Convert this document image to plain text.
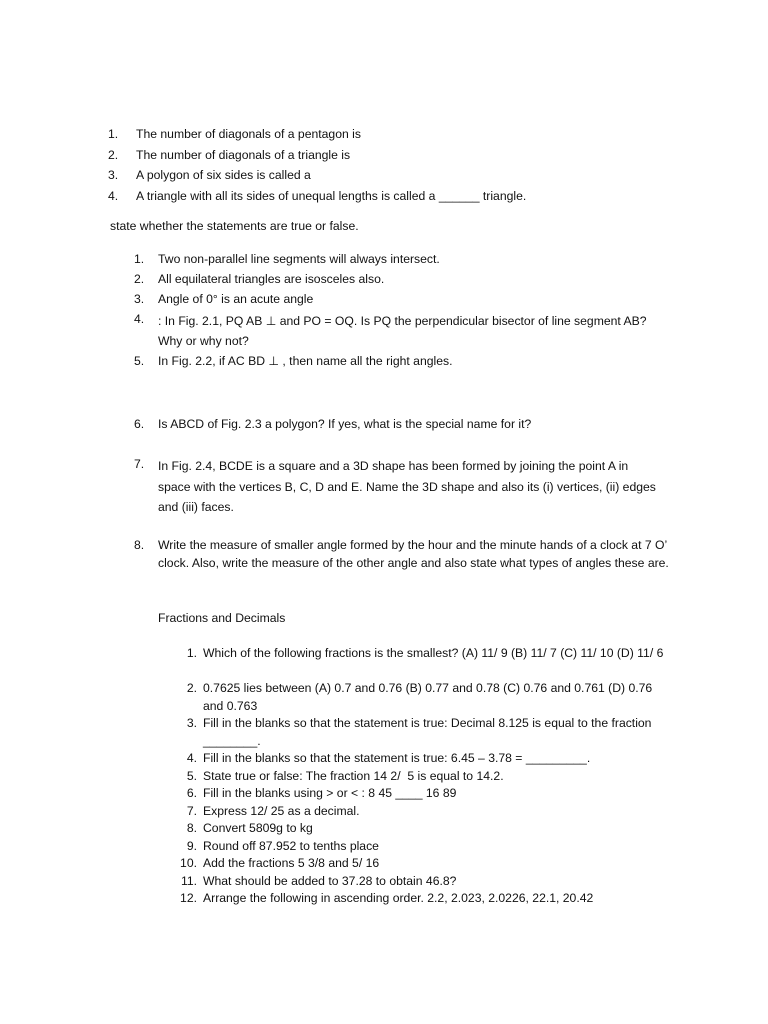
1.	The number of diagonals of a pentagon is
2.	The number of diagonals of a triangle is
3.	A polygon of six sides is called a
4.	A triangle with all its sides of unequal lengths is called a ______ triangle.

state whether the statements are true or false.

1.	Two non-parallel line segments will always intersect.
2.	All equilateral triangles are isosceles also.
3.	Angle of 0° is an acute angle
4.	: In Fig. 2.1, PQ AB ⊥ and PO = OQ. Is PQ the perpendicular bisector of line segment AB? Why or why not?
5.	In Fig. 2.2, if AC BD ⊥ , then name all the right angles.
6.	Is ABCD of Fig. 2.3 a polygon? If yes, what is the special name for it?
7.	In Fig. 2.4, BCDE is a square and a 3D shape has been formed by joining the point A in space with the vertices B, C, D and E. Name the 3D shape and also its (i) vertices, (ii) edges and (iii) faces.
8.	Write the measure of smaller angle formed by the hour and the minute hands of a clock at 7 O’ clock. Also, write the measure of the other angle and also state what types of angles these are.

Fractions and Decimals

1. Which of the following fractions is the smallest? (A) 11/ 9 (B) 11/ 7 (C) 11/ 10 (D) 11/ 6
2. 0.7625 lies between (A) 0.7 and 0.76 (B) 0.77 and 0.78 (C) 0.76 and 0.761 (D) 0.76 and 0.763
3. Fill in the blanks so that the statement is true: Decimal 8.125 is equal to the fraction ________.
4. Fill in the blanks so that the statement is true: 6.45 – 3.78 = _________.
5. State true or false: The fraction 14 2/  5 is equal to 14.2.
6. Fill in the blanks using > or < : 8 45 ____ 16 89
7. Express 12/ 25 as a decimal.
8. Convert 5809g to kg
9. Round off 87.952 to tenths place
10. Add the fractions 5 3/8 and 5/ 16
11. What should be added to 37.28 to obtain 46.8?
12. Arrange the following in ascending order. 2.2, 2.023, 2.0226, 22.1, 20.42
